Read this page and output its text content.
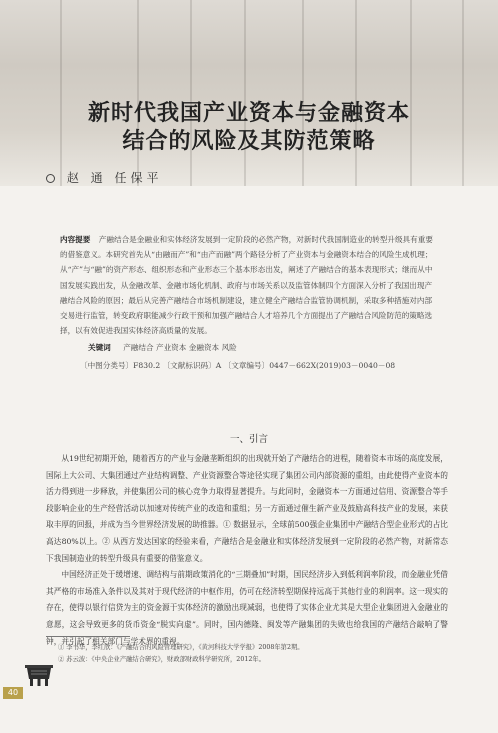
新时代我国产业资本与金融资本
结合的风险及其防范策略
赵 通 任保平
内容提要 产融结合是金融业和实体经济发展到一定阶段的必然产物，对新时代我国制造业的转型升级具有重要的借鉴意义。本研究首先从“由融而产”和“由产而融”两个路径分析了产业资本与金融资本结合的风险生成机理；从“产”与“融”的资产形态、组织形态和产业形态三个基本形态出发，阐述了产融结合的基本表现形式；继而从中国发展实践出发，从金融改革、金融市场化机制、政府与市场关系以及监管体制四个方面深入分析了我国出现产融结合风险的原因；最后从完善产融结合市场机制建设，建立健全产融结合监管协调机制，采取多种措施对内部交易进行监管，转变政府职能减少行政干预和加强产融结合人才培养几个方面提出了产融结合风险防范的策略选择，以有效促进我国实体经济高质量的发展。
关键词 产融结合 产业资本 金融资本 风险
〔中图分类号〕F830.2 〔文献标识码〕A 〔文章编号〕0447－662X(2019)03－0040－08
一、引言

从19世纪初期开始，随着西方的产业与金融垄断组织的出现就开始了产融结合的进程，随着资本市场的高度发展，国际上大公司、大集团通过产业结构调整、产业资源整合等途径实现了集团公司内部资源的重组，由此使得产业资本的活力得到进一步释放，并使集团公司的核心竞争力取得显著提升。与此同时，金融资本一方面通过信用、资源整合等手段影响企业的生产经营活动以加速对传统产业的改造和重组；另一方面通过催生新产业及鼓励高科技产业的发展，来获取丰厚的回报，并成为当今世界经济发展的助推器。① 数据显示，全球前500强企业集团中产融结合型企业形式的占比高达80%以上。② 从西方发达国家的经验来看，产融结合是金融业和实体经济发展到一定阶段的必然产物，对新常态下我国制造业的转型升级具有重要的借鉴意义。

中国经济正处于缓增速、调结构与前期政策消化的“三期叠加”时期，国民经济步入到低利润率阶段，而金融业凭借其严格的市场准入条件以及其对于现代经济的中枢作用，仍可在经济转型期保持远高于其他行业的利润率。这一现实的存在，使得以银行信贷为主的资金源于实体经济的激励出现减弱，也使得了实体企业尤其是大型企业集团进入金融业的意愿，这会导致更多的货币资金“脱实向虚”。同时，国内德隆、闽发等产融集团的失败也给我国的产融结合敲响了警钟，并引起了相关部门与学术界的重视。

① 李书华，李红欣：《产融结合的风险管理研究》，《黄河科技大学学报》2008年第2期。
② 苏云波：《中央企业产融结合研究》，财政部财政科学研究所，2012年。
40
